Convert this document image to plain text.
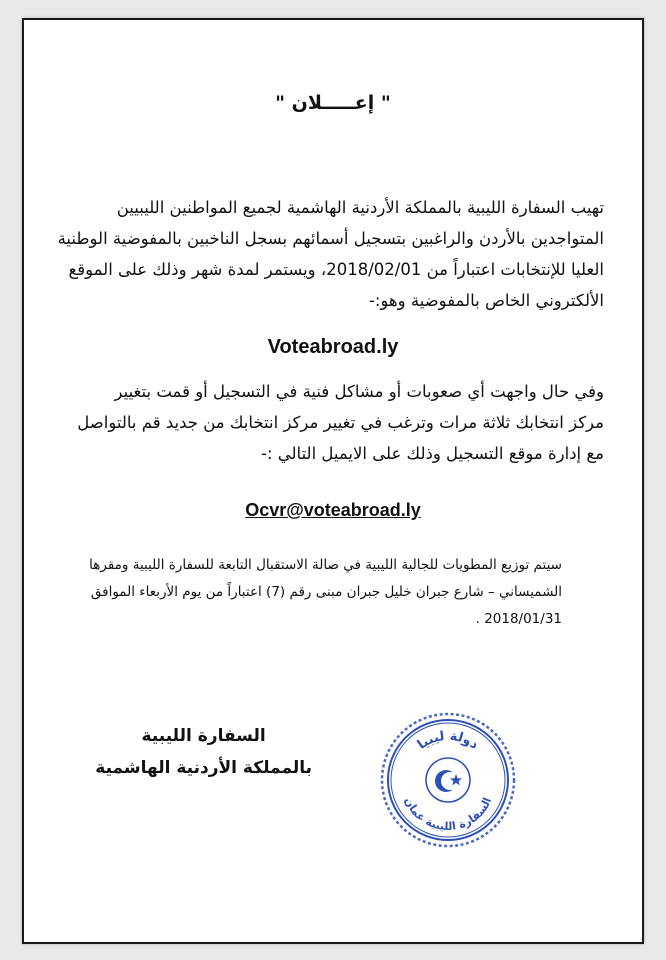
" إعـــــلان "
تهيب السفارة الليبية بالمملكة الأردنية الهاشمية لجميع المواطنين الليبيين
المتواجدين بالأردن والراغبين بتسجيل أسمائهم بسجل الناخبين بالمفوضية الوطنية
العليا للإنتخابات اعتباراً من 2018/02/01، ويستمر لمدة شهر وذلك على الموقع
الألكتروني الخاص بالمفوضية وهو:-
Voteabroad.ly
وفي حال واجهت أي صعوبات أو مشاكل فنية في التسجيل أو قمت بتغيير
مركز انتخابك ثلاثة مرات وترغب في تغيير مركز انتخابك من جديد قم بالتواصل
مع إدارة موقع التسجيل وذلك على الايميل التالي :-
Ocvr@voteabroad.ly
سيتم توزيع المطويات للجالية الليبية في صالة الاستقبال التابعة للسفارة الليبية ومقرها
الشميساني – شارع جبران خليل جبران مبنى رقم (7) اعتباراً من يوم الأربعاء الموافق
2018/01/31 .
السفارة الليبية
بالمملكة الأردنية الهاشمية
دولة ليبيا
السفارة الليبية عمان
